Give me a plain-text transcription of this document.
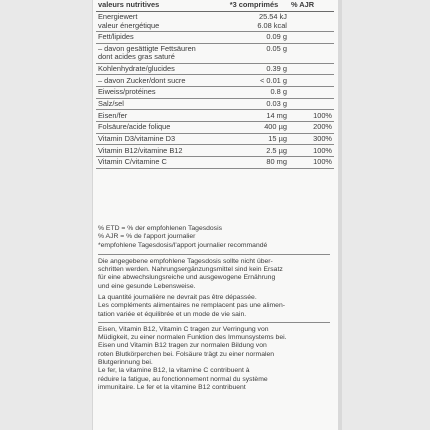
valeurs nutritives	*3 comprimés	% AJR

Energiewert
valeur énergétique	25.54 kJ
6.08 kcal	

Fett/lipides	0.09 g	

– davon gesättigte Fettsäuren
dont acides gras saturé	0.05 g	
Kohlenhydrate/glucides	0.39 g	
– davon Zucker/dont sucre	< 0.01 g	
Eiweiss/protéines	0.8 g	
Salz/sel	0.03 g	
Eisen/fer	14 mg	100%
Folsäure/acide folique	400 µg	200%
Vitamin D3/vitamine D3	15 µg	300%
Vitamin B12/vitamine B12	2.5 µg	100%
Vitamin C/vitamine C	80 mg	100%

% ETD = % der empfohlenen Tagesdosis

% AJR = % de l'apport journalier

*empfohlene Tagesdosis/l'apport journalier recommandé

Die angegebene empfohlene Tagesdosis sollte nicht über-

schritten werden. Nahrungsergänzungsmittel sind kein Ersatz

für eine abwechslungsreiche und ausgewogene Ernährung

und eine gesunde Lebensweise.

La quantité journalière ne devrait pas être dépassée.

Les compléments alimentaires ne remplacent pas une alimen-

tation variée et équilibrée et un mode de vie sain.

Eisen, Vitamin B12, Vitamin C tragen zur Verringung von

Müdigkeit, zu einer normalen Funktion des Immunsystems bei.

Eisen und Vitamin B12 tragen zur normalen Bildung von

roten Blutkörperchen bei. Folsäure trägt zu einer normalen

Blutgerinnung bei.

Le fer, la vitamine B12, la vitamine C contribuent à

réduire la fatigue, au fonctionnement normal du système

immunitaire. Le fer et la vitamine B12 contribuent
